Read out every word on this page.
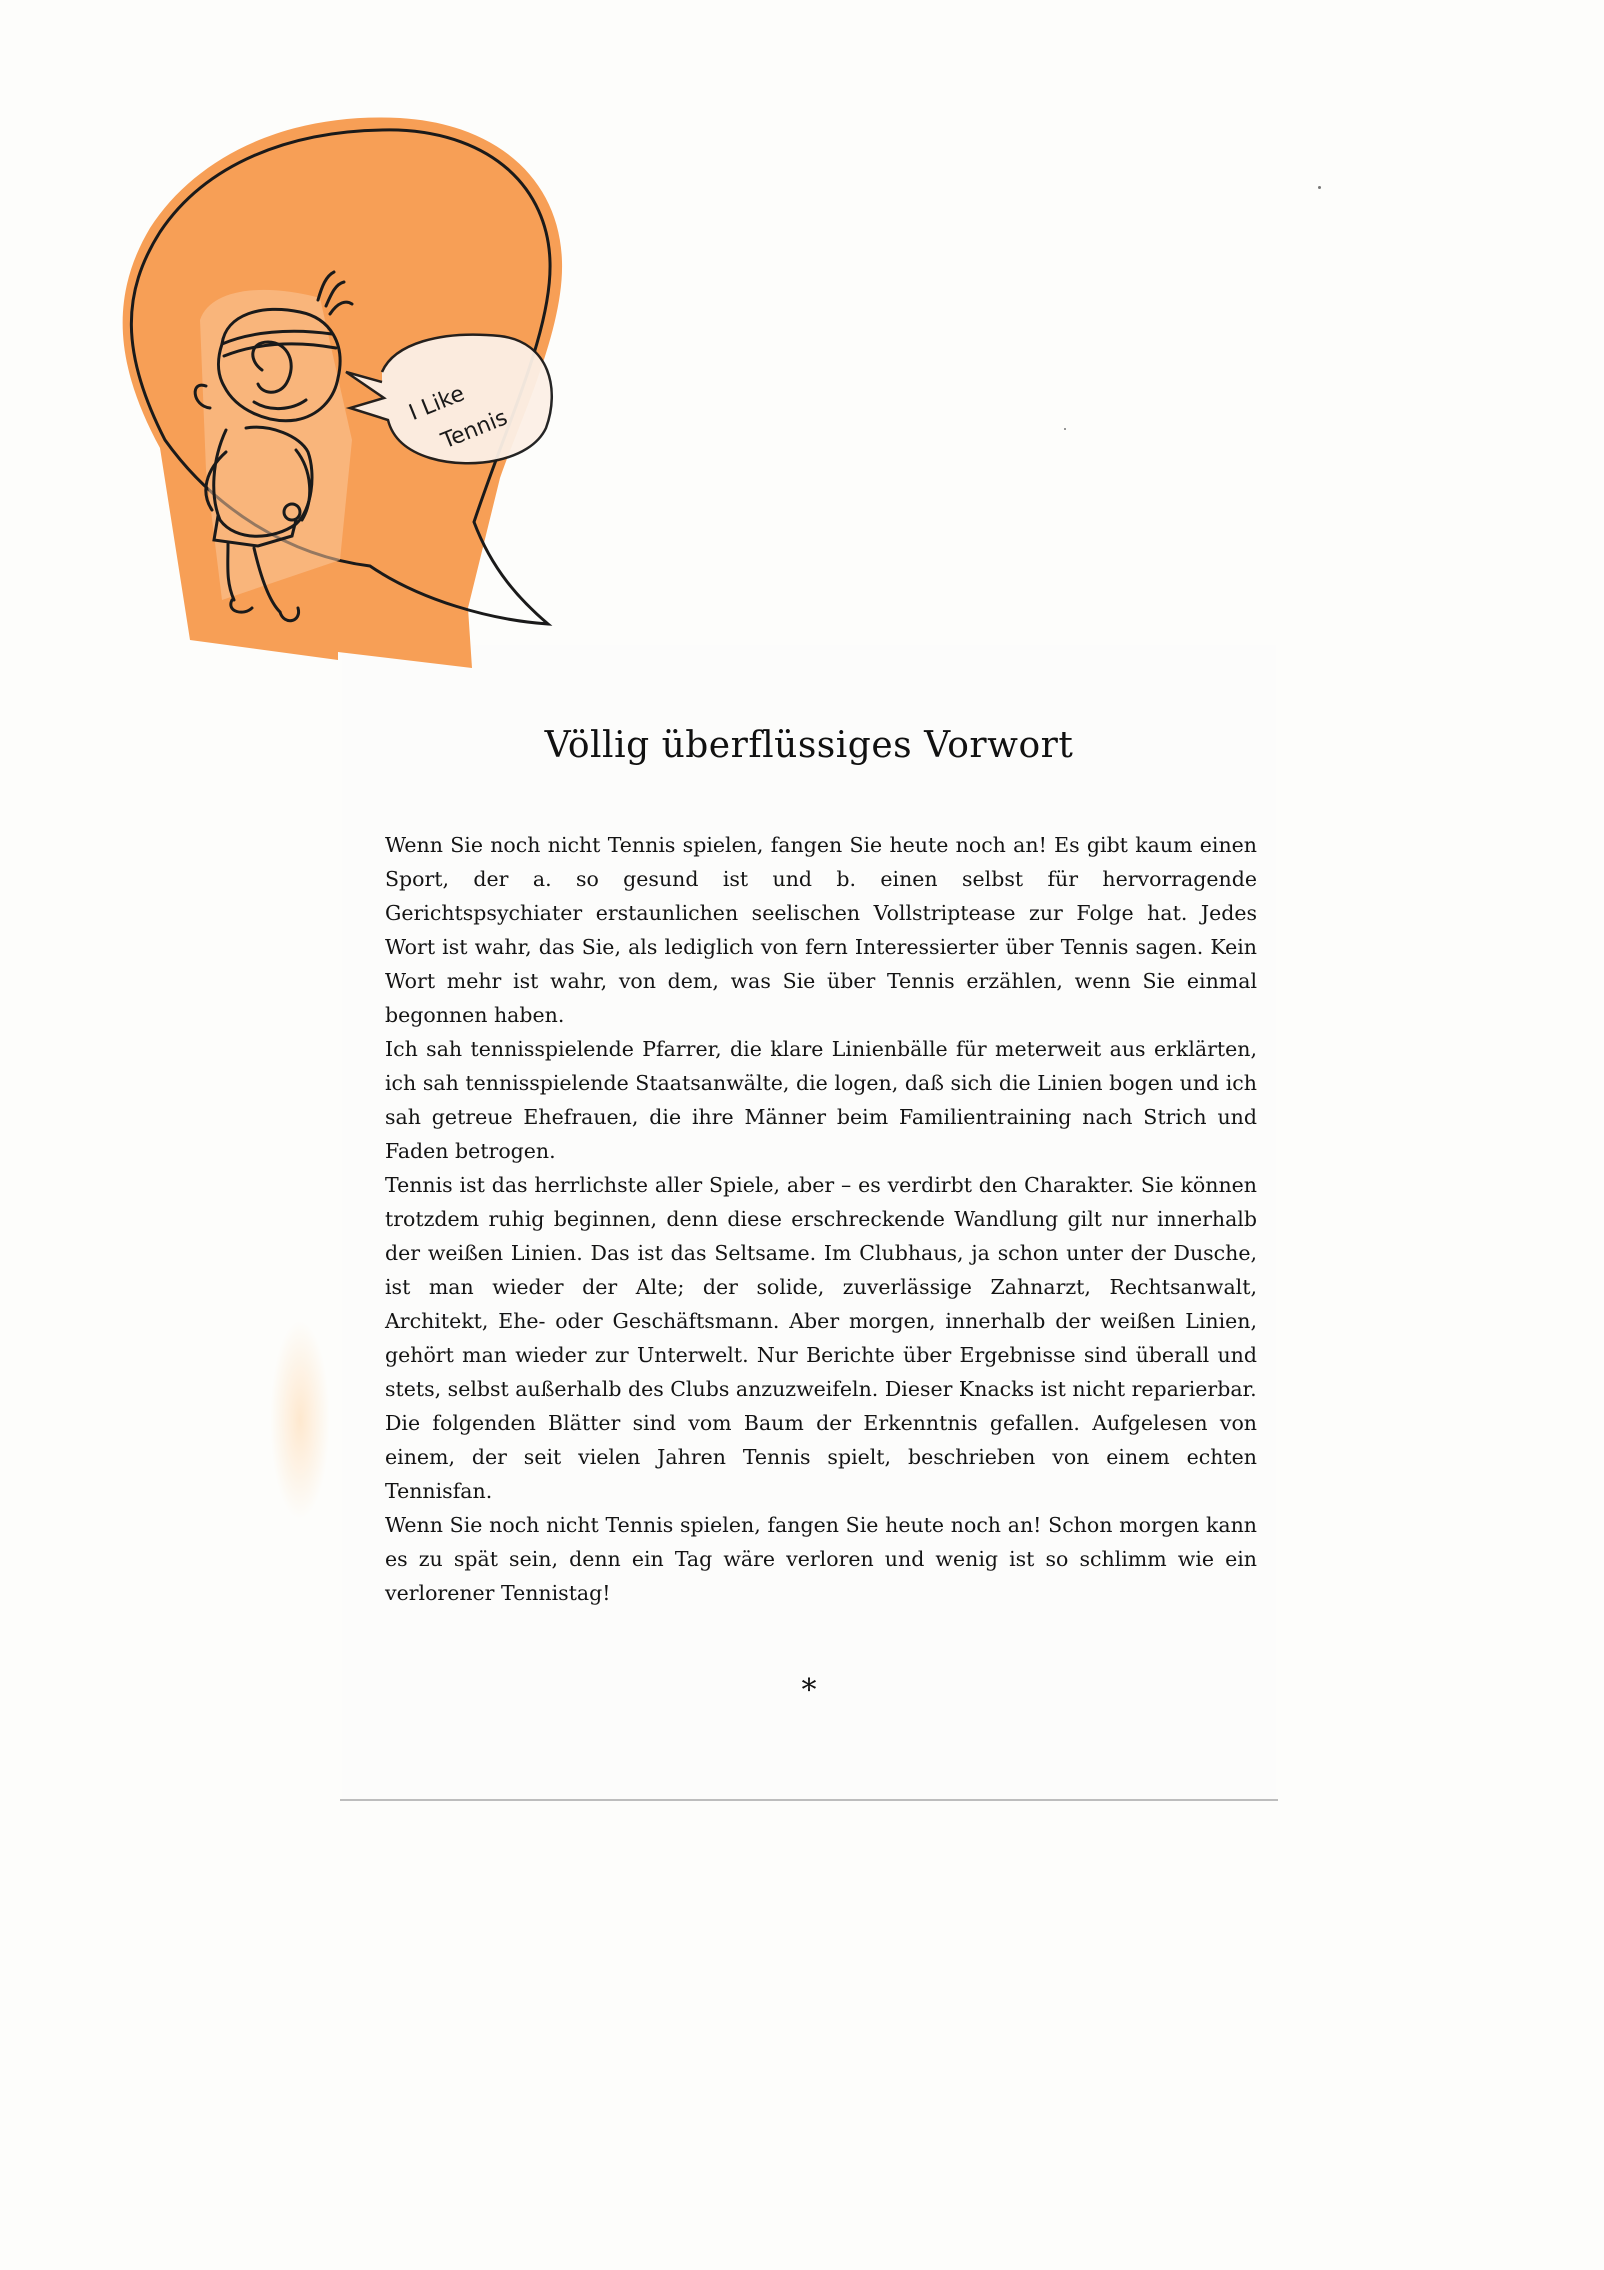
Völlig überflüssiges Vorwort

Wenn Sie noch nicht Tennis spielen, fangen Sie heute noch an! Es gibt kaum einen Sport, der a. so gesund ist und b. einen selbst für hervorragende Gerichtspsychiater erstaunlichen seelischen Vollstriptease zur Folge hat. Jedes Wort ist wahr, das Sie, als lediglich von fern Interessierter über Tennis sagen. Kein Wort mehr ist wahr, von dem, was Sie über Tennis erzählen, wenn Sie einmal begonnen haben.

Ich sah tennisspielende Pfarrer, die klare Linienbälle für meterweit aus erklärten, ich sah tennisspielende Staatsanwälte, die logen, daß sich die Linien bogen und ich sah getreue Ehefrauen, die ihre Männer beim Familientraining nach Strich und Faden betrogen.

Tennis ist das herrlichste aller Spiele, aber – es verdirbt den Charakter. Sie können trotzdem ruhig beginnen, denn diese erschreckende Wandlung gilt nur innerhalb der weißen Linien. Das ist das Seltsame. Im Clubhaus, ja schon unter der Dusche, ist man wieder der Alte; der solide, zuverlässige Zahnarzt, Rechtsanwalt, Architekt, Ehe- oder Geschäftsmann. Aber morgen, innerhalb der weißen Linien, gehört man wieder zur Unterwelt. Nur Berichte über Ergebnisse sind überall und stets, selbst außerhalb des Clubs anzuzweifeln. Dieser Knacks ist nicht reparierbar.

Die folgenden Blätter sind vom Baum der Erkenntnis gefallen. Aufgelesen von einem, der seit vielen Jahren Tennis spielt, beschrieben von einem echten Tennisfan.

Wenn Sie noch nicht Tennis spielen, fangen Sie heute noch an! Schon morgen kann es zu spät sein, denn ein Tag wäre verloren und wenig ist so schlimm wie ein verlorener Tennistag!

*
I Like
Tennis
